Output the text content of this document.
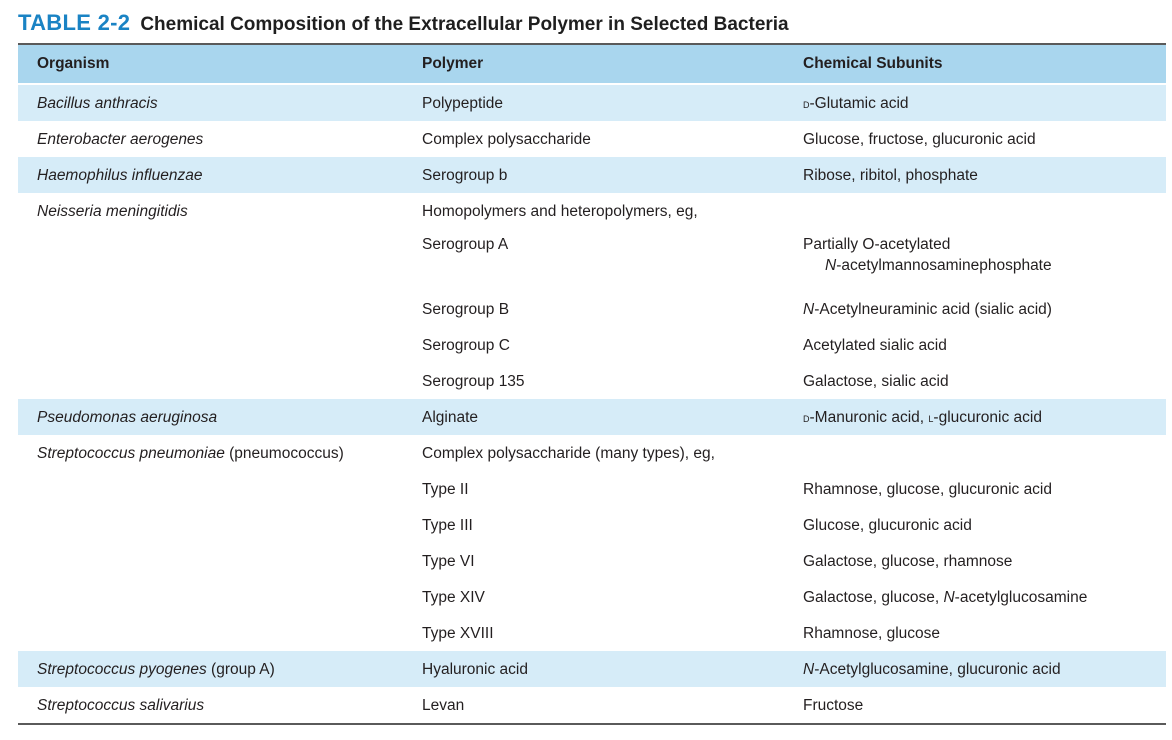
TABLE 2-2 Chemical Composition of the Extracellular Polymer in Selected Bacteria
Organism	Polymer	Chemical Subunits
Bacillus anthracis	Polypeptide	d-Glutamic acid
Enterobacter aerogenes	Complex polysaccharide	Glucose, fructose, glucuronic acid
Haemophilus influenzae	Serogroup b	Ribose, ribitol, phosphate
Neisseria meningitidis	Homopolymers and heteropolymers, eg,	
	Serogroup A	Partially O-acetylated
N-acetylmannosaminephosphate

	Serogroup B	N-Acetylneuraminic acid (sialic acid)
	Serogroup C	Acetylated sialic acid
	Serogroup 135	Galactose, sialic acid
Pseudomonas aeruginosa	Alginate	d-Manuronic acid, l-glucuronic acid
Streptococcus pneumoniae (pneumococcus)	Complex polysaccharide (many types), eg,	
	Type II	Rhamnose, glucose, glucuronic acid
	Type III	Glucose, glucuronic acid
	Type VI	Galactose, glucose, rhamnose
	Type XIV	Galactose, glucose, N-acetylglucosamine
	Type XVIII	Rhamnose, glucose
Streptococcus pyogenes (group A)	Hyaluronic acid	N-Acetylglucosamine, glucuronic acid
Streptococcus salivarius	Levan	Fructose
